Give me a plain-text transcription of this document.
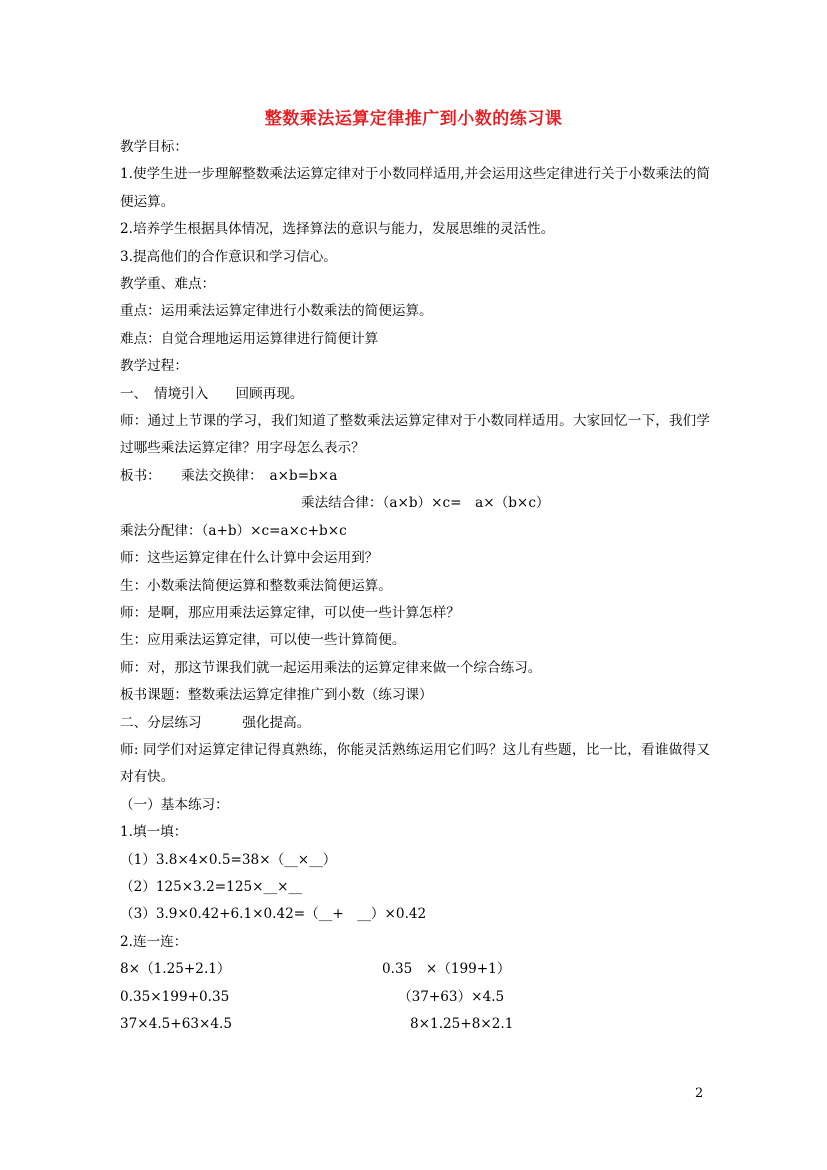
整数乘法运算定律推广到小数的练习课
教学目标：
1.使学生进一步理解整数乘法运算定律对于小数同样适用,并会运用这些定律进行关于小数乘法的简便运算。
2.培养学生根据具体情况，选择算法的意识与能力，发展思维的灵活性。
3.提高他们的合作意识和学习信心。
教学重、难点：
重点：运用乘法运算定律进行小数乘法的简便运算。
难点：自觉合理地运用运算律进行简便计算
教学过程：
一、　情境引入　　回顾再现。
师：通过上节课的学习，我们知道了整数乘法运算定律对于小数同样适用。大家回忆一下，我们学过哪些乘法运算定律？用字母怎么表示？
板书：　　乘法交换律：　a×b=b×a
乘法结合律：（a×b）×c=　a×（b×c）
乘法分配律：（a+b）×c=a×c+b×c
师：这些运算定律在什么计算中会运用到？
生：小数乘法简便运算和整数乘法简便运算。
师：是啊，那应用乘法运算定律，可以使一些计算怎样？
生：应用乘法运算定律，可以使一些计算简便。
师：对，那这节课我们就一起运用乘法的运算定律来做一个综合练习。
板书课题：整数乘法运算定律推广到小数（练习课）
二、分层练习　　　强化提高。
师: 同学们对运算定律记得真熟练，你能灵活熟练运用它们吗？这儿有些题，比一比，看谁做得又对有快。
（一）基本练习：
1.填一填：
（1）3.8×4×0.5=38×（__×__）
（2）125×3.2=125×__×__
（3）3.9×0.42+6.1×0.42=（__+　__）×0.42
2.连一连：
8×（1.25+2.1）	0.35　×（199+1）
0.35×199+0.35	（37+63）×4.5
37×4.5+63×4.5	8×1.25+8×2.1
2
